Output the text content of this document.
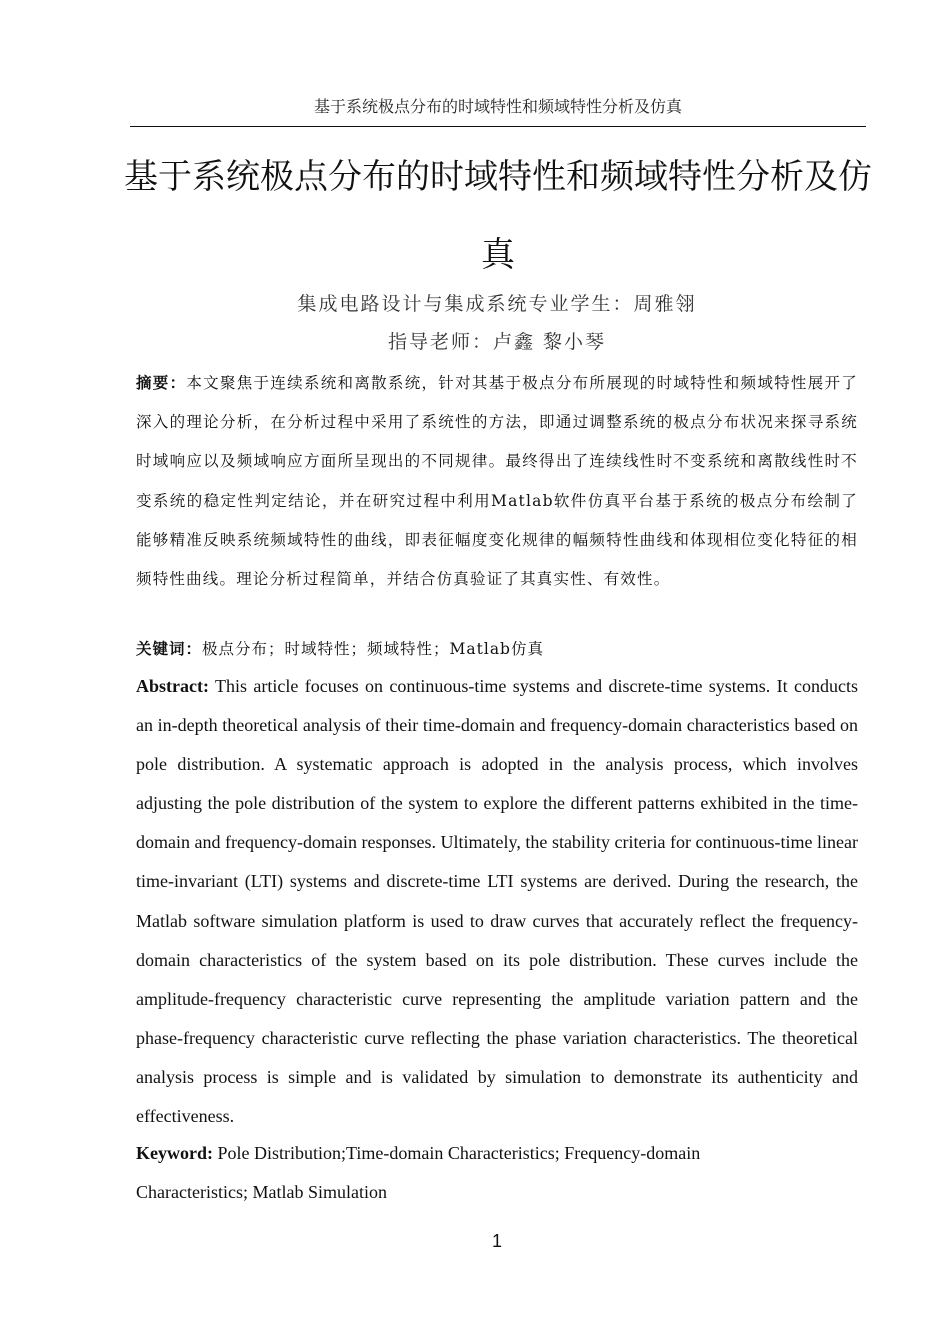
基于系统极点分布的时域特性和频域特性分析及仿真
基于系统极点分布的时域特性和频域特性分析及仿真
集成电路设计与集成系统专业学生：周雅翎
指导老师：卢鑫 黎小琴
摘要：本文聚焦于连续系统和离散系统，针对其基于极点分布所展现的时域特性和频域特性展开了深入的理论分析，在分析过程中采用了系统性的方法，即通过调整系统的极点分布状况来探寻系统时域响应以及频域响应方面所呈现出的不同规律。最终得出了连续线性时不变系统和离散线性时不变系统的稳定性判定结论，并在研究过程中利用Matlab软件仿真平台基于系统的极点分布绘制了能够精准反映系统频域特性的曲线，即表征幅度变化规律的幅频特性曲线和体现相位变化特征的相频特性曲线。理论分析过程简单，并结合仿真验证了其真实性、有效性。
关键词：极点分布；时域特性；频域特性；Matlab仿真
Abstract: This article focuses on continuous-time systems and discrete-time systems. It conducts an in-depth theoretical analysis of their time-domain and frequency-domain characteristics based on pole distribution. A systematic approach is adopted in the analysis process, which involves adjusting the pole distribution of the system to explore the different patterns exhibited in the time-domain and frequency-domain responses. Ultimately, the stability criteria for continuous-time linear time-invariant (LTI) systems and discrete-time LTI systems are derived. During the research, the Matlab software simulation platform is used to draw curves that accurately reflect the frequency-domain characteristics of the system based on its pole distribution. These curves include the amplitude-frequency characteristic curve representing the amplitude variation pattern and the phase-frequency characteristic curve reflecting the phase variation characteristics. The theoretical analysis process is simple and is validated by simulation to demonstrate its authenticity and effectiveness.
Keyword: Pole Distribution;Time-domain Characteristics; Frequency-domain Characteristics; Matlab Simulation
1
